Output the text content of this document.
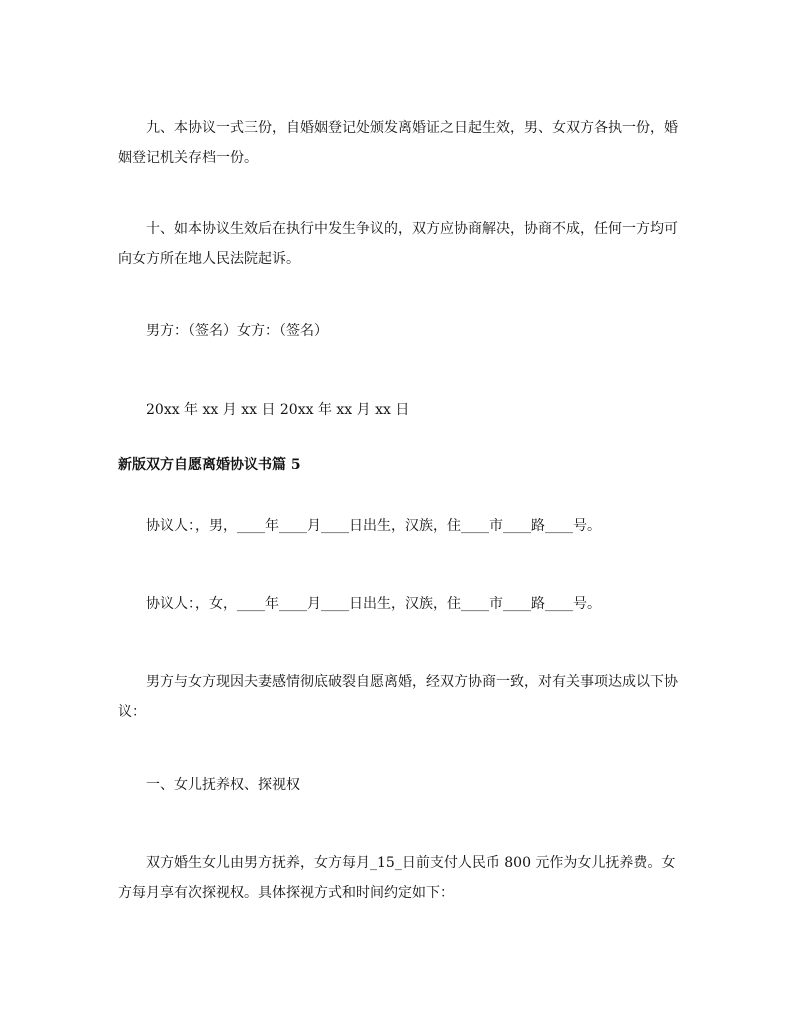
九、本协议一式三份，自婚姻登记处颁发离婚证之日起生效，男、女双方各执一份，婚姻登记机关存档一份。

十、如本协议生效后在执行中发生争议的，双方应协商解决，协商不成，任何一方均可向女方所在地人民法院起诉。

男方：（签名）女方：（签名）

20xx 年 xx 月 xx 日 20xx 年 xx 月 xx 日

新版双方自愿离婚协议书篇 5

协议人：，男，____年____月____日出生，汉族，住____市____路____号。

协议人：，女，____年____月____日出生，汉族，住____市____路____号。

男方与女方现因夫妻感情彻底破裂自愿离婚，经双方协商一致，对有关事项达成以下协议：

一、女儿抚养权、探视权

双方婚生女儿由男方抚养，女方每月_15_日前支付人民币 800 元作为女儿抚养费。女方每月享有次探视权。具体探视方式和时间约定如下：
